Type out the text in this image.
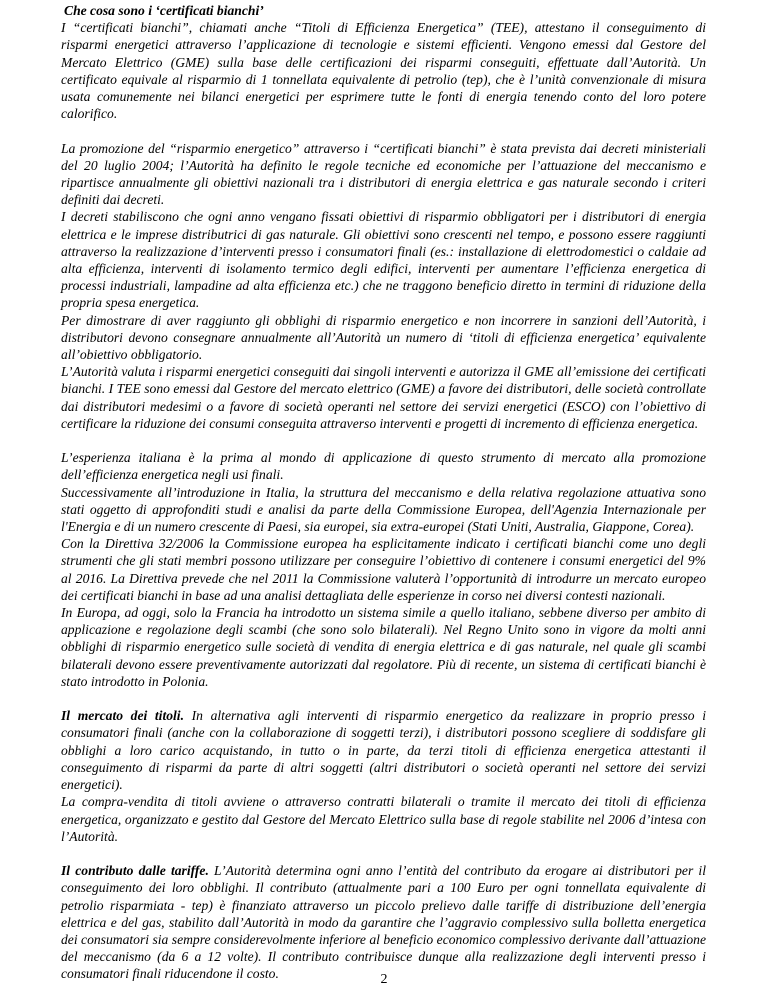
Che cosa sono i ‘certificati bianchi’

I “certificati bianchi”, chiamati anche “Titoli di Efficienza Energetica” (TEE), attestano il conseguimento di risparmi energetici attraverso l’applicazione di tecnologie e sistemi efficienti. Vengono emessi dal Gestore del Mercato Elettrico (GME) sulla base delle certificazioni dei risparmi conseguiti, effettuate dall’Autorità. Un certificato equivale al risparmio di 1 tonnellata equivalente di petrolio (tep), che è l’unità convenzionale di misura usata comunemente nei bilanci energetici per esprimere tutte le fonti di energia tenendo conto del loro potere calorifico.

La promozione del “risparmio energetico” attraverso i “certificati bianchi” è stata prevista dai decreti ministeriali del 20 luglio 2004; l’Autorità ha definito le regole tecniche ed economiche per l’attuazione del meccanismo e ripartisce annualmente gli obiettivi nazionali tra i distributori di energia elettrica e gas naturale secondo i criteri definiti dai decreti.

I decreti stabiliscono che ogni anno vengano fissati obiettivi di risparmio obbligatori per i distributori di energia elettrica e le imprese distributrici di gas naturale. Gli obiettivi sono crescenti nel tempo, e possono essere raggiunti attraverso la realizzazione d’interventi presso i consumatori finali (es.: installazione di elettrodomestici o caldaie ad alta efficienza, interventi di isolamento termico degli edifici, interventi per aumentare l’efficienza energetica di processi industriali, lampadine ad alta efficienza etc.) che ne traggono beneficio diretto in termini di riduzione della propria spesa energetica.

Per dimostrare di aver raggiunto gli obblighi di risparmio energetico e non incorrere in sanzioni dell’Autorità, i distributori devono consegnare annualmente all’Autorità un numero di ‘titoli di efficienza energetica’ equivalente all’obiettivo obbligatorio.

L’Autorità valuta i risparmi energetici conseguiti dai singoli interventi e autorizza il GME all’emissione dei certificati bianchi. I TEE sono emessi dal Gestore del mercato elettrico (GME) a favore dei distributori, delle società controllate dai distributori medesimi o a favore di società operanti nel settore dei servizi energetici (ESCO) con l’obiettivo di certificare la riduzione dei consumi conseguita attraverso interventi e progetti di incremento di efficienza energetica.

L’esperienza italiana è la prima al mondo di applicazione di questo strumento di mercato alla promozione dell’efficienza energetica negli usi finali.

Successivamente all’introduzione in Italia, la struttura del meccanismo e della relativa regolazione attuativa sono stati oggetto di approfonditi studi e analisi da parte della Commissione Europea, dell'Agenzia Internazionale per l'Energia e di un numero crescente di Paesi, sia europei, sia extra-europei (Stati Uniti, Australia, Giappone, Corea).

Con la Direttiva 32/2006 la Commissione europea ha esplicitamente indicato i certificati bianchi come uno degli strumenti che gli stati membri possono utilizzare per conseguire l’obiettivo di contenere i consumi energetici del 9% al 2016. La Direttiva prevede che nel 2011 la Commissione valuterà l’opportunità di introdurre un mercato europeo dei certificati bianchi in base ad una analisi dettagliata delle esperienze in corso nei diversi contesti nazionali.

In Europa, ad oggi, solo la Francia ha introdotto un sistema simile a quello italiano, sebbene diverso per ambito di applicazione e regolazione degli scambi (che sono solo bilaterali). Nel Regno Unito sono in vigore da molti anni obblighi di risparmio energetico sulle società di vendita di energia elettrica e di gas naturale, nel quale gli scambi bilaterali devono essere preventivamente autorizzati dal regolatore. Più di recente, un sistema di certificati bianchi è stato introdotto in Polonia.

Il mercato dei titoli. In alternativa agli interventi di risparmio energetico da realizzare in proprio presso i consumatori finali (anche con la collaborazione di soggetti terzi), i distributori possono scegliere di soddisfare gli obblighi a loro carico acquistando, in tutto o in parte, da terzi titoli di efficienza energetica attestanti il conseguimento di risparmi da parte di altri soggetti (altri distributori o società operanti nel settore dei servizi energetici).

La compra-vendita di titoli avviene o attraverso contratti bilaterali o tramite il mercato dei titoli di efficienza energetica, organizzato e gestito dal Gestore del Mercato Elettrico sulla base di regole stabilite nel 2006 d’intesa con l’Autorità.

Il contributo dalle tariffe. L’Autorità determina ogni anno l’entità del contributo da erogare ai distributori per il conseguimento dei loro obblighi. Il contributo (attualmente pari a 100 Euro per ogni tonnellata equivalente di petrolio risparmiata - tep) è finanziato attraverso un piccolo prelievo dalle tariffe di distribuzione dell’energia elettrica e del gas, stabilito dall’Autorità in modo da garantire che l’aggravio complessivo sulla bolletta energetica dei consumatori sia sempre considerevolmente inferiore al beneficio economico complessivo derivante dall’attuazione del meccanismo (da 6 a 12 volte). Il contributo contribuisce dunque alla realizzazione degli interventi presso i consumatori finali riducendone il costo.	2
